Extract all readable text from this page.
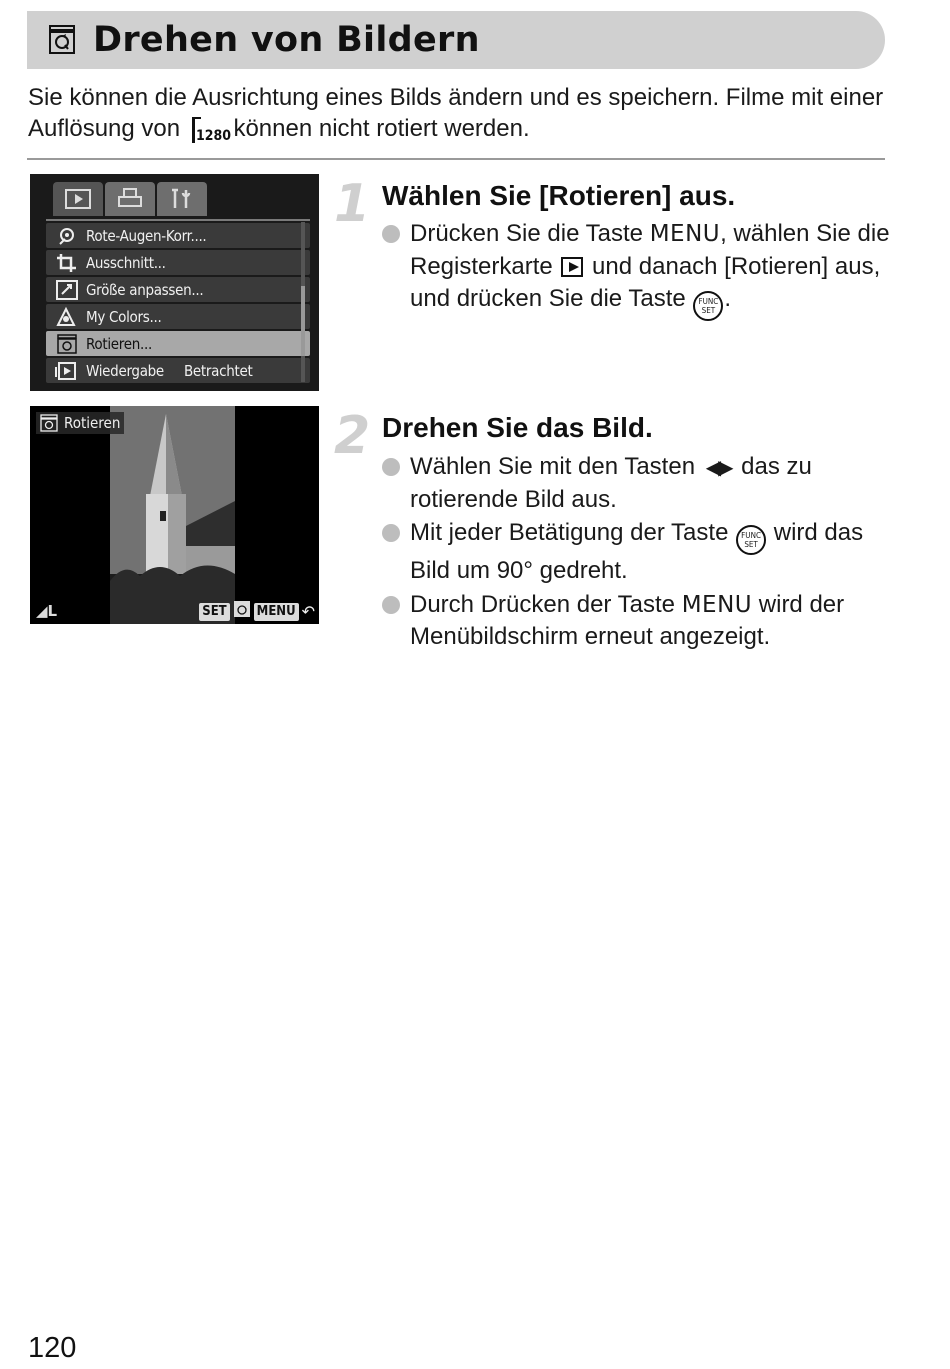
Drehen von Bildern
Sie können die Ausrichtung eines Bilds ändern und es speichern. Filme mit einer Auflösung von 1280 können nicht rotiert werden.
Rote-Augen-Korr....
Ausschnitt...
Größe anpassen...
My Colors...
Rotieren...
Wiedergabe Betrachtet
Rotieren
◢L	SET MENU ↶
1 Wählen Sie [Rotieren] aus.
Drücken Sie die Taste MENU, wählen Sie die Registerkarte  und danach [Rotieren] aus, und drücken Sie die Taste FUNC
SET .
2 Drehen Sie das Bild.
Wählen Sie mit den Tasten ◀▶ das zu rotierende Bild aus.
Mit jeder Betätigung der Taste FUNC
SET wird das Bild um 90° gedreht.
Durch Drücken der Taste MENU wird der Menübildschirm erneut angezeigt.
120
